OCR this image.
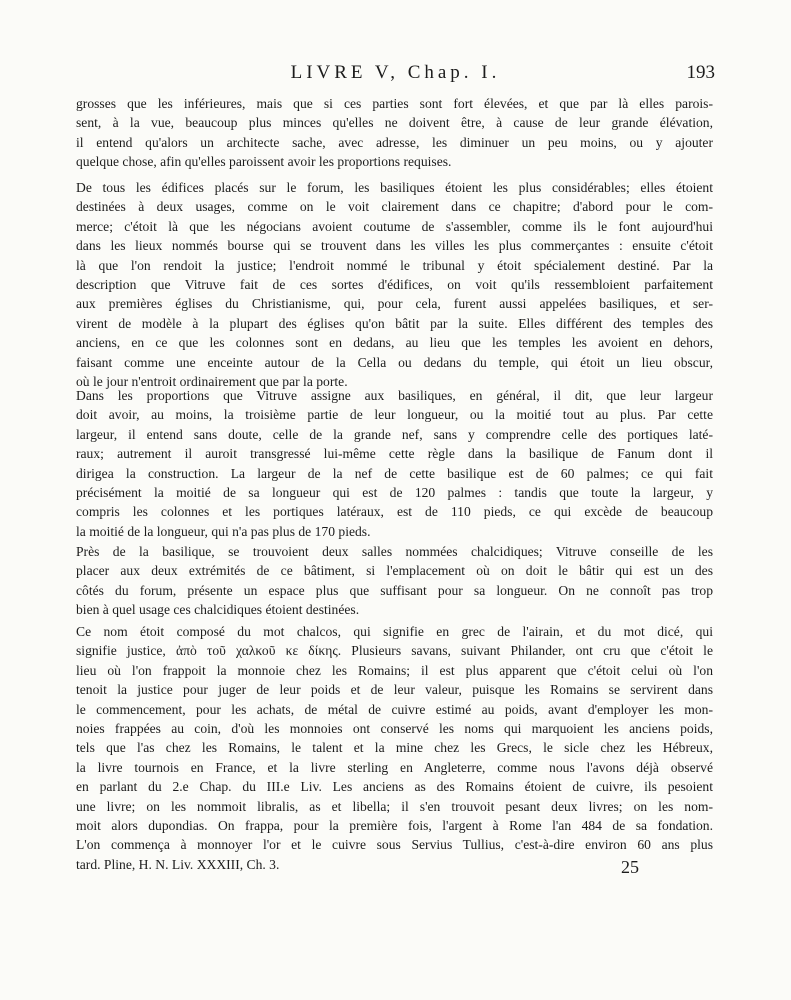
LIVRE V, Chap. I.	193
grosses que les inférieures, mais que si ces parties sont fort élevées, et que par là elles parois-
sent, à la vue, beaucoup plus minces qu'elles ne doivent être, à cause de leur grande élévation,
il entend qu'alors un architecte sache, avec adresse, les diminuer un peu moins, ou y ajouter
quelque chose, afin qu'elles paroissent avoir les proportions requises.
De tous les édifices placés sur le forum, les basiliques étoient les plus considérables; elles étoient
destinées à deux usages, comme on le voit clairement dans ce chapitre; d'abord pour le com-
merce; c'étoit là que les négocians avoient coutume de s'assembler, comme ils le font aujourd'hui
dans les lieux nommés bourse qui se trouvent dans les villes les plus commerçantes : ensuite c'étoit
là que l'on rendoit la justice; l'endroit nommé le tribunal y étoit spécialement destiné. Par la
description que Vitruve fait de ces sortes d'édifices, on voit qu'ils ressembloient parfaitement
aux premières églises du Christianisme, qui, pour cela, furent aussi appelées basiliques, et ser-
virent de modèle à la plupart des églises qu'on bâtit par la suite. Elles différent des temples des
anciens, en ce que les colonnes sont en dedans, au lieu que les temples les avoient en dehors,
faisant comme une enceinte autour de la Cella ou dedans du temple, qui étoit un lieu obscur,
où le jour n'entroit ordinairement que par la porte.
Dans les proportions que Vitruve assigne aux basiliques, en général, il dit, que leur largeur
doit avoir, au moins, la troisième partie de leur longueur, ou la moitié tout au plus. Par cette
largeur, il entend sans doute, celle de la grande nef, sans y comprendre celle des portiques laté-
raux; autrement il auroit transgressé lui-même cette règle dans la basilique de Fanum dont il
dirigea la construction. La largeur de la nef de cette basilique est de 60 palmes; ce qui fait
précisément la moitié de sa longueur qui est de 120 palmes : tandis que toute la largeur, y
compris les colonnes et les portiques latéraux, est de 110 pieds, ce qui excède de beaucoup
la moitié de la longueur, qui n'a pas plus de 170 pieds.
Près de la basilique, se trouvoient deux salles nommées chalcidiques; Vitruve conseille de les
placer aux deux extrémités de ce bâtiment, si l'emplacement où on doit le bâtir qui est un des
côtés du forum, présente un espace plus que suffisant pour sa longueur. On ne connoît pas trop
bien à quel usage ces chalcidiques étoient destinées.
Ce nom étoit composé du mot chalcos, qui signifie en grec de l'airain, et du mot dicé, qui
signifie justice, ἀπὸ τοῦ χαλκοῦ κε δίκης. Plusieurs savans, suivant Philander, ont cru que c'étoit le
lieu où l'on frappoit la monnoie chez les Romains; il est plus apparent que c'étoit celui où l'on
tenoit la justice pour juger de leur poids et de leur valeur, puisque les Romains se servirent dans
le commencement, pour les achats, de métal de cuivre estimé au poids, avant d'employer les mon-
noies frappées au coin, d'où les monnoies ont conservé les noms qui marquoient les anciens poids,
tels que l'as chez les Romains, le talent et la mine chez les Grecs, le sicle chez les Hébreux,
la livre tournois en France, et la livre sterling en Angleterre, comme nous l'avons déjà observé
en parlant du 2.e Chap. du III.e Liv. Les anciens as des Romains étoient de cuivre, ils pesoient
une livre; on les nommoit libralis, as et libella; il s'en trouvoit pesant deux livres; on les nom-
moit alors dupondias. On frappa, pour la première fois, l'argent à Rome l'an 484 de sa fondation.
L'on commença à monnoyer l'or et le cuivre sous Servius Tullius, c'est-à-dire environ 60 ans plus
tard. Pline, H. N. Liv. XXXIII, Ch. 3.	25
